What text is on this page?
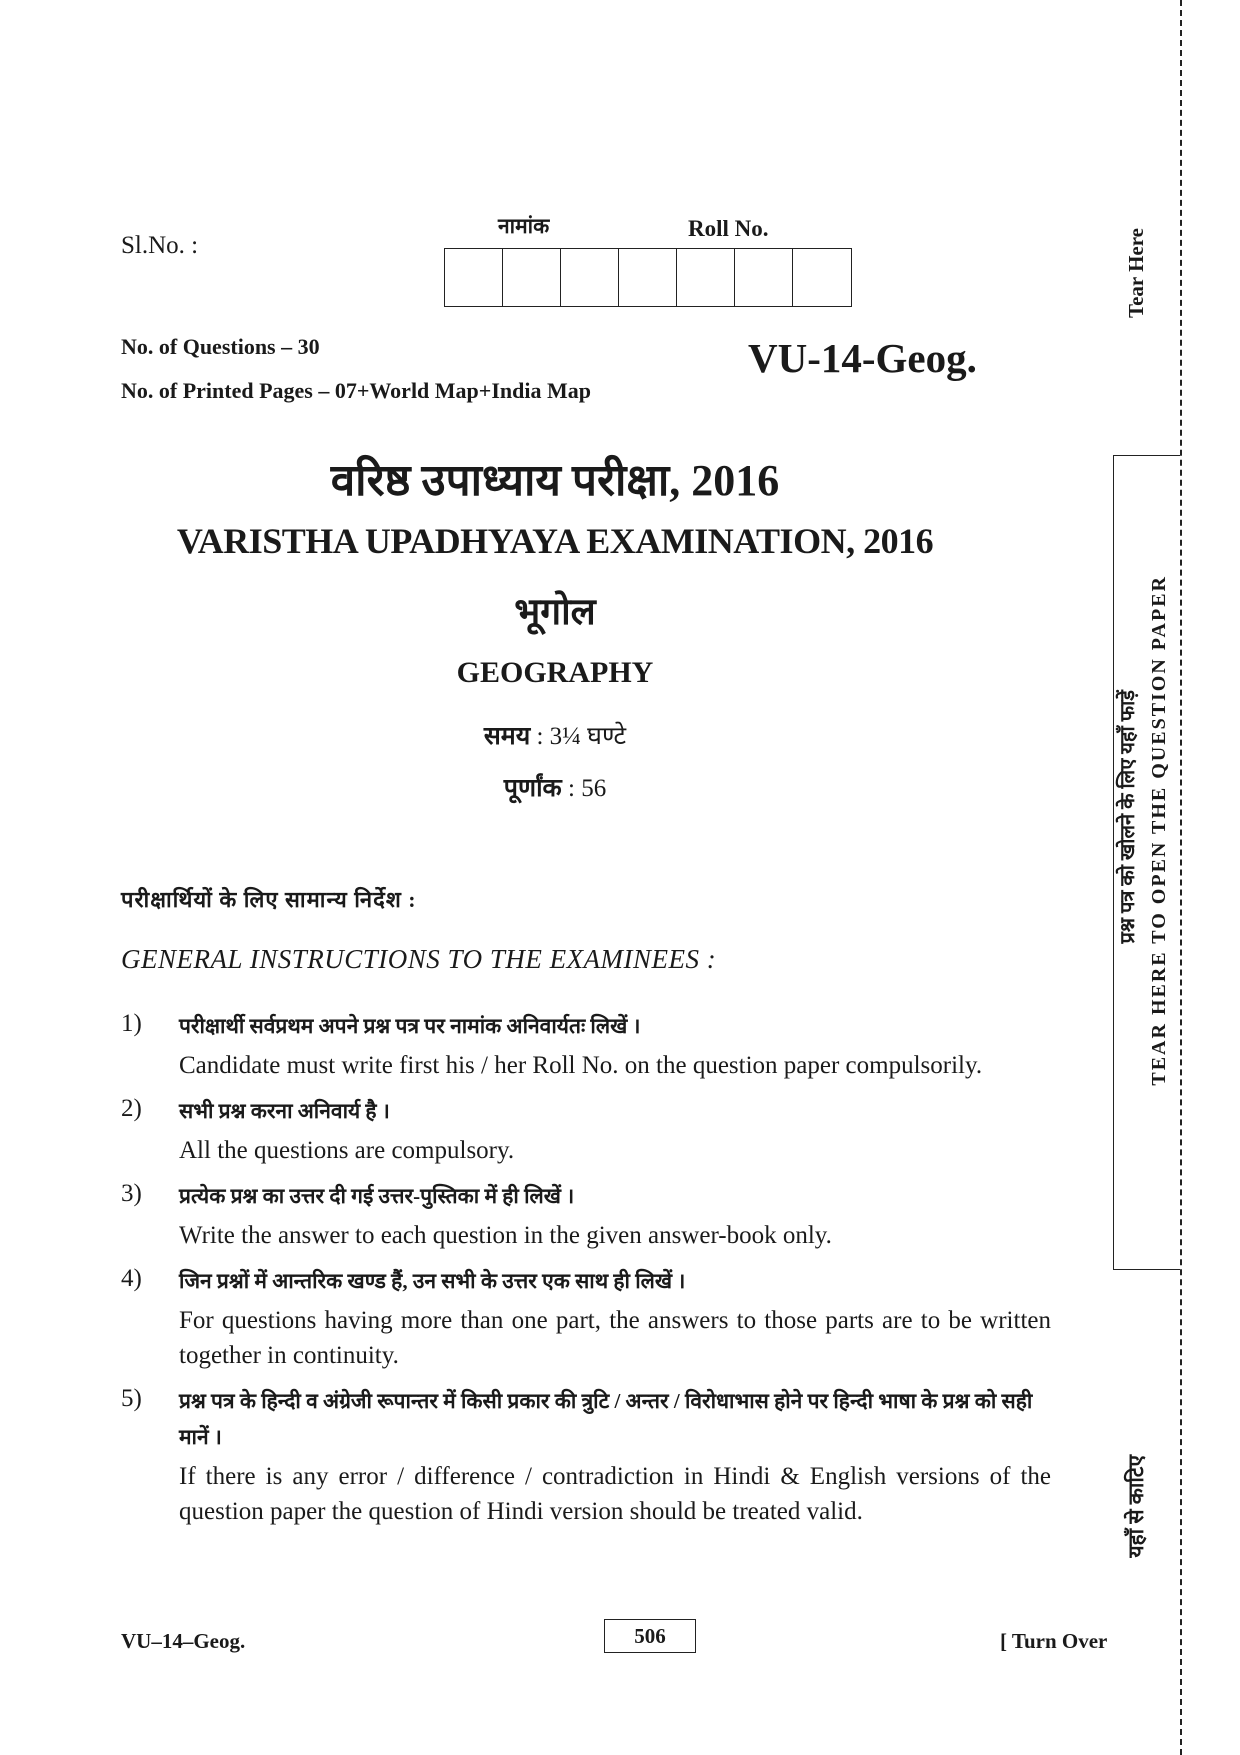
Sl.No. :
नामांक	Roll No.
No. of Questions – 30
No. of Printed Pages – 07+World Map+India Map
VU-14-Geog.
वरिष्ठ उपाध्याय परीक्षा, 2016
VARISTHA UPADHYAYA EXAMINATION, 2016
भूगोल
GEOGRAPHY
समय : 3¼ घण्टे
पूर्णांक : 56
परीक्षार्थियों के लिए सामान्य निर्देश :
GENERAL INSTRUCTIONS TO THE EXAMINEES :
1) परीक्षार्थी सर्वप्रथम अपने प्रश्न पत्र पर नामांक अनिवार्यतः लिखें ।
Candidate must write first his / her Roll No. on the question paper compulsorily.
2) सभी प्रश्न करना अनिवार्य है ।
All the questions are compulsory.
3) प्रत्येक प्रश्न का उत्तर दी गई उत्तर-पुस्तिका में ही लिखें ।
Write the answer to each question in the given answer-book only.
4) जिन प्रश्नों में आन्तरिक खण्ड हैं, उन सभी के उत्तर एक साथ ही लिखें ।
For questions having more than one part, the answers to those parts are to be written together in continuity.
5) प्रश्न पत्र के हिन्दी व अंग्रेजी रूपान्तर में किसी प्रकार की त्रुटि / अन्तर / विरोधाभास होने पर हिन्दी भाषा के प्रश्न को सही मानें ।
If there is any error / difference / contradiction in Hindi & English versions of the question paper the question of Hindi version should be treated valid.
VU–14–Geog.	506	[ Turn Over
Tear Here
TEAR HERE TO OPEN THE QUESTION PAPER
प्रश्न पत्र को खोलने के लिए यहाँ फाड़ें
यहाँ से काटिए
